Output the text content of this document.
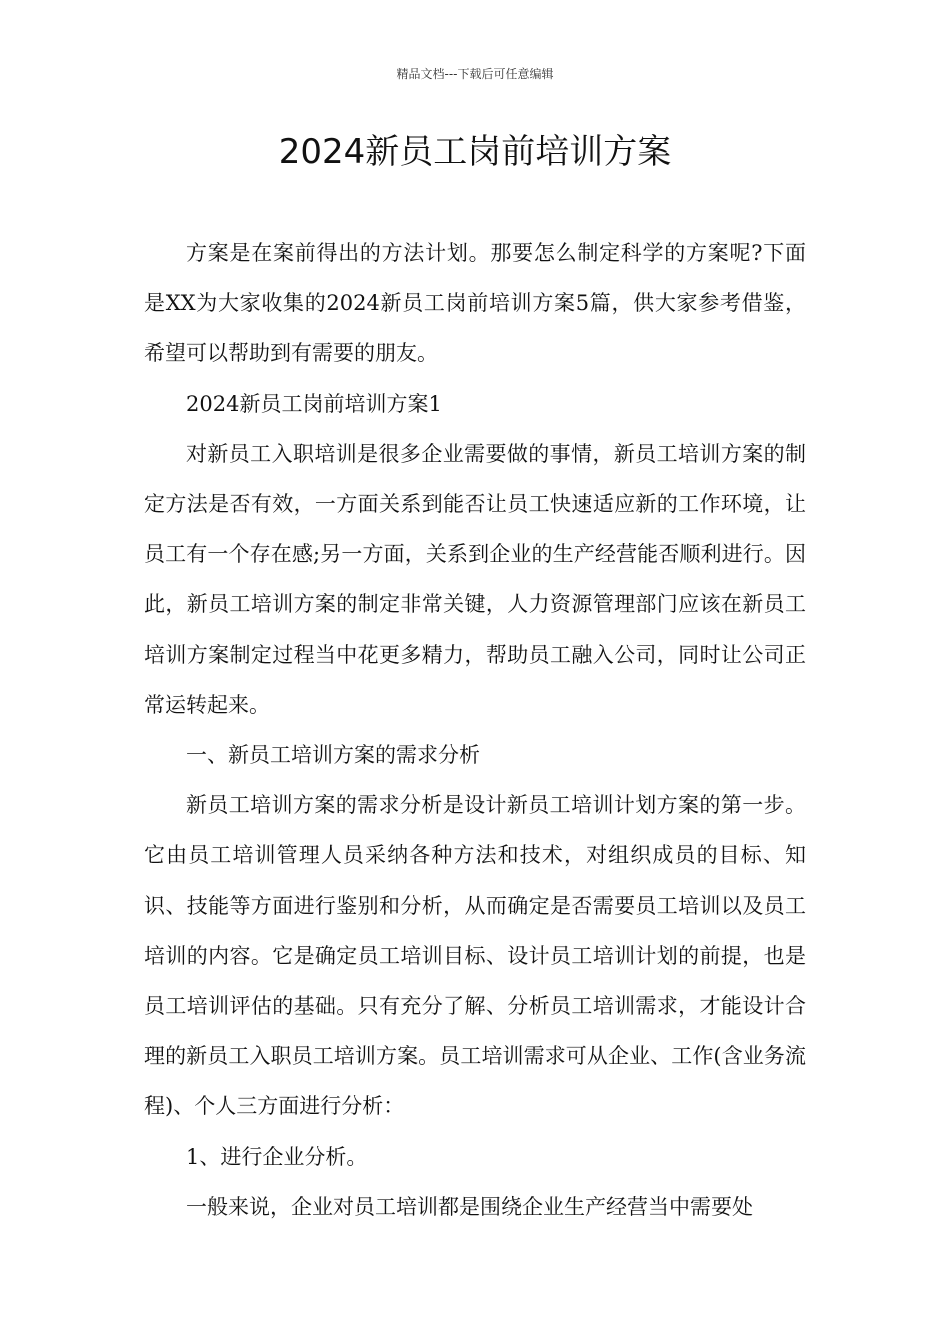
精品文档---下载后可任意编辑
2024新员工岗前培训方案

方案是在案前得出的方法计划。那要怎么制定科学的方案呢?下面是XX为大家收集的2024新员工岗前培训方案5篇，供大家参考借鉴，希望可以帮助到有需要的朋友。

2024新员工岗前培训方案1

对新员工入职培训是很多企业需要做的事情，新员工培训方案的制定方法是否有效，一方面关系到能否让员工快速适应新的工作环境，让员工有一个存在感;另一方面，关系到企业的生产经营能否顺利进行。因此，新员工培训方案的制定非常关键，人力资源管理部门应该在新员工培训方案制定过程当中花更多精力，帮助员工融入公司，同时让公司正常运转起来。

一、新员工培训方案的需求分析

新员工培训方案的需求分析是设计新员工培训计划方案的第一步。它由员工培训管理人员采纳各种方法和技术，对组织成员的目标、知识、技能等方面进行鉴别和分析，从而确定是否需要员工培训以及员工培训的内容。它是确定员工培训目标、设计员工培训计划的前提，也是员工培训评估的基础。只有充分了解、分析员工培训需求，才能设计合理的新员工入职员工培训方案。员工培训需求可从企业、工作(含业务流程)、个人三方面进行分析：

1、进行企业分析。

一般来说，企业对员工培训都是围绕企业生产经营当中需要处
